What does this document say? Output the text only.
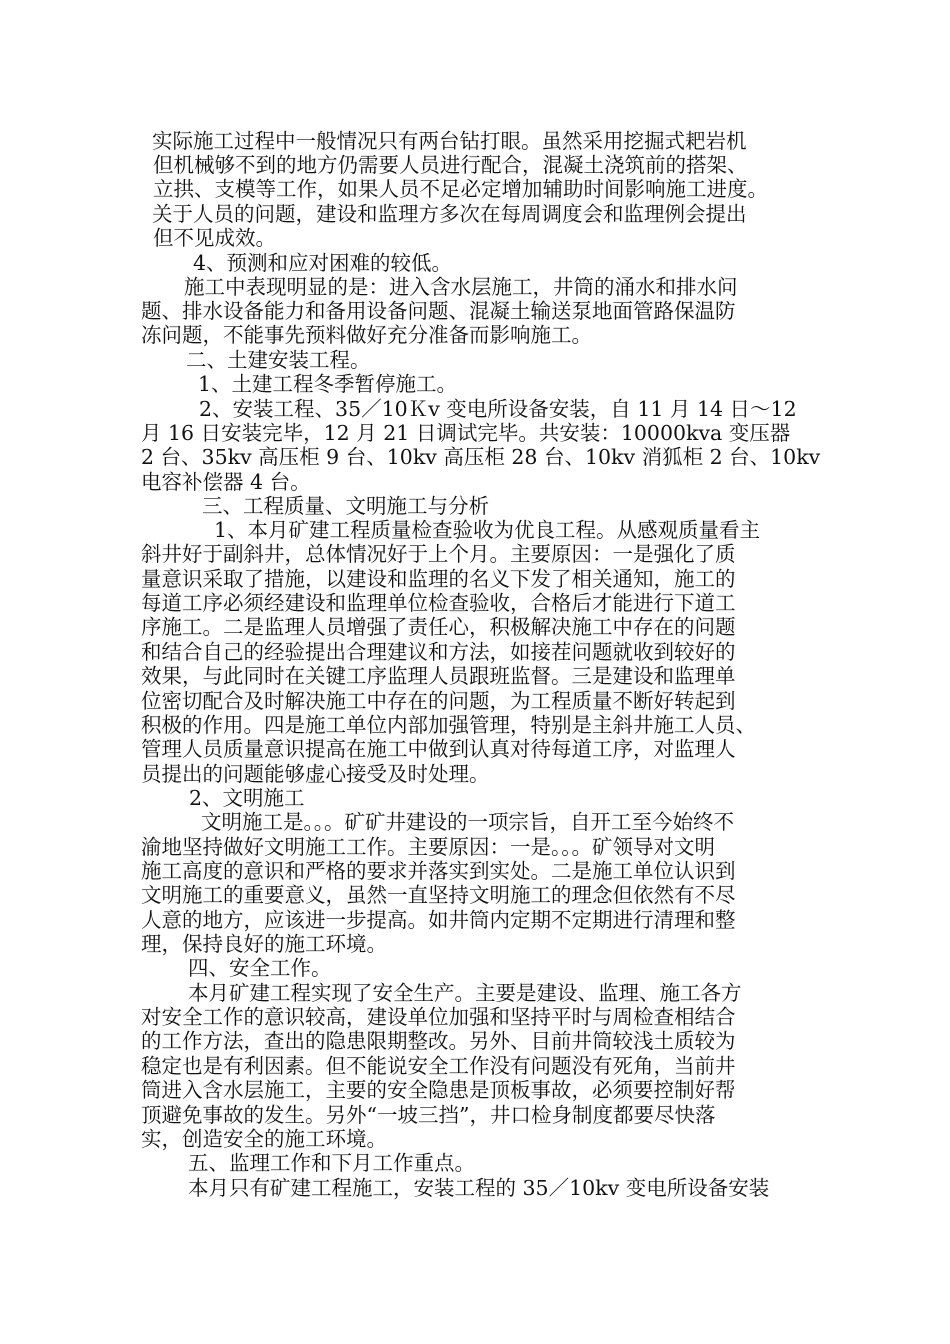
实际施工过程中一般情况只有两台钻打眼。虽然采用挖掘式耙岩机

但机械够不到的地方仍需要人员进行配合，混凝土浇筑前的搭架、

立拱、支模等工作，如果人员不足必定增加辅助时间影响施工进度。

关于人员的问题，建设和监理方多次在每周调度会和监理例会提出

但不见成效。

4、预测和应对困难的较低。

施工中表现明显的是：进入含水层施工，井筒的涌水和排水问

题、排水设备能力和备用设备问题、混凝土输送泵地面管路保温防

冻问题，不能事先预料做好充分准备而影响施工。

二、土建安装工程。

1、土建工程冬季暂停施工。

2、安装工程、35／10Ｋv 变电所设备安装，自 11 月 14 日～12

月 16 日安装完毕，12 月 21 日调试完毕。共安装：10000kva 变压器

2 台、35kv 高压柜 9 台、10kv 高压柜 28 台、10kv 消狐柜 2 台、10kv

电容补偿器 4 台。

三、工程质量、文明施工与分析

1、本月矿建工程质量检查验收为优良工程。从感观质量看主

斜井好于副斜井，总体情况好于上个月。主要原因：一是强化了质

量意识采取了措施，以建设和监理的名义下发了相关通知，施工的

每道工序必须经建设和监理单位检查验收，合格后才能进行下道工

序施工。二是监理人员增强了责任心，积极解决施工中存在的问题

和结合自己的经验提出合理建议和方法，如接茬问题就收到较好的

效果，与此同时在关键工序监理人员跟班监督。三是建设和监理单

位密切配合及时解决施工中存在的问题，为工程质量不断好转起到

积极的作用。四是施工单位内部加强管理，特别是主斜井施工人员、

管理人员质量意识提高在施工中做到认真对待每道工序，对监理人

员提出的问题能够虚心接受及时处理。

2、文明施工

文明施工是。。。矿矿井建设的一项宗旨，自开工至今始终不

渝地坚持做好文明施工工作。主要原因：一是。。。矿领导对文明

施工高度的意识和严格的要求并落实到实处。二是施工单位认识到

文明施工的重要意义，虽然一直坚持文明施工的理念但依然有不尽

人意的地方，应该进一步提高。如井筒内定期不定期进行清理和整

理，保持良好的施工环境。

四、安全工作。

本月矿建工程实现了安全生产。主要是建设、监理、施工各方

对安全工作的意识较高，建设单位加强和坚持平时与周检查相结合

的工作方法，查出的隐患限期整改。另外、目前井筒较浅土质较为

稳定也是有利因素。但不能说安全工作没有问题没有死角，当前井

筒进入含水层施工，主要的安全隐患是顶板事故，必须要控制好帮

顶避免事故的发生。另外“一坡三挡”，井口检身制度都要尽快落

实，创造安全的施工环境。

五、监理工作和下月工作重点。

本月只有矿建工程施工，安装工程的 35／10kv 变电所设备安装
